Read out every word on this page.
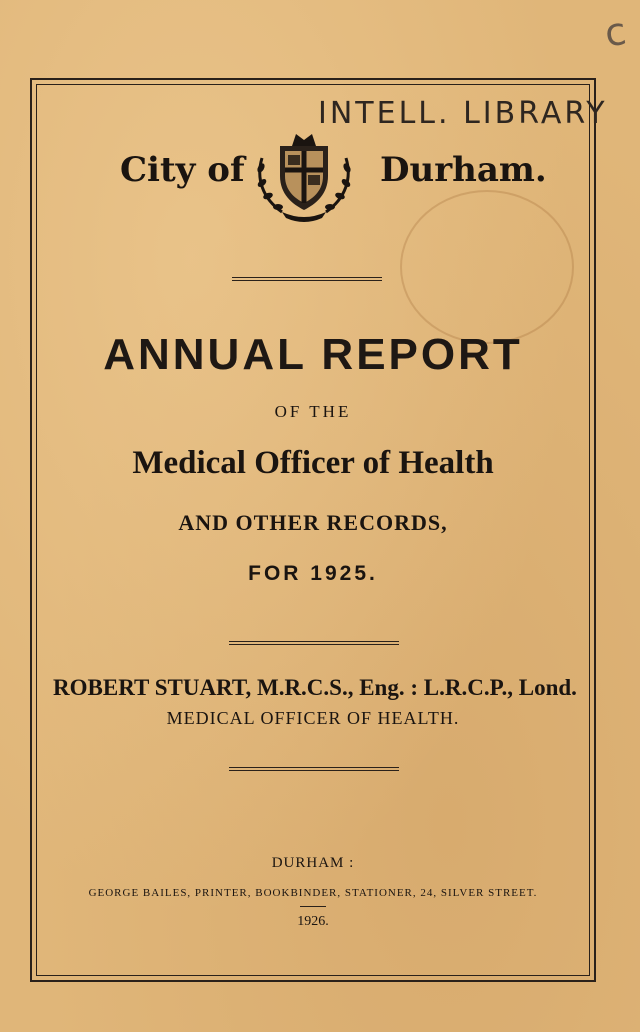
c
INTELL. LIBRARY
City of	Durham.
ANNUAL REPORT
OF THE
Medical Officer of Health
AND OTHER RECORDS,
FOR 1925.
ROBERT STUART, M.R.C.S., Eng. : L.R.C.P., Lond.
MEDICAL OFFICER OF HEALTH.
DURHAM :
GEORGE BAILES, PRINTER, BOOKBINDER, STATIONER, 24, SILVER STREET.
1926.
